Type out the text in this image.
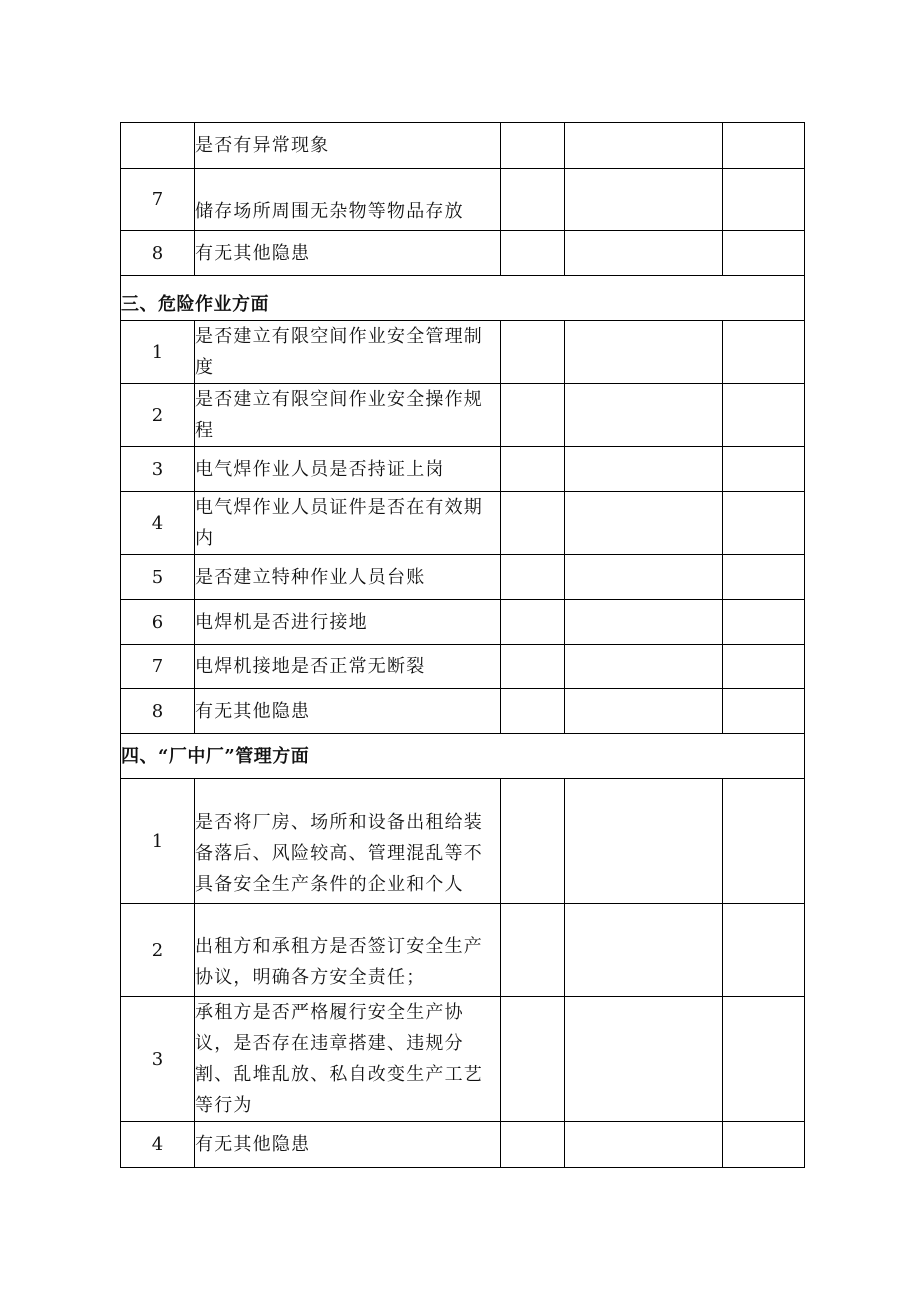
	是否有异常现象			
7	储存场所周围无杂物等物品存放			
8	有无其他隐患			
三、危险作业方面				
1	是否建立有限空间作业安全管理制度			
2	是否建立有限空间作业安全操作规程			
3	电气焊作业人员是否持证上岗			
4	电气焊作业人员证件是否在有效期内			
5	是否建立特种作业人员台账			
6	电焊机是否进行接地			
7	电焊机接地是否正常无断裂			
8	有无其他隐患			
四、“厂中厂”管理方面				
1	是否将厂房、场所和设备出租给装备落后、风险较高、管理混乱等不具备安全生产条件的企业和个人			
2	出租方和承租方是否签订安全生产协议，明确各方安全责任；			
3	承租方是否严格履行安全生产协议，是否存在违章搭建、违规分割、乱堆乱放、私自改变生产工艺等行为			
4	有无其他隐患			
